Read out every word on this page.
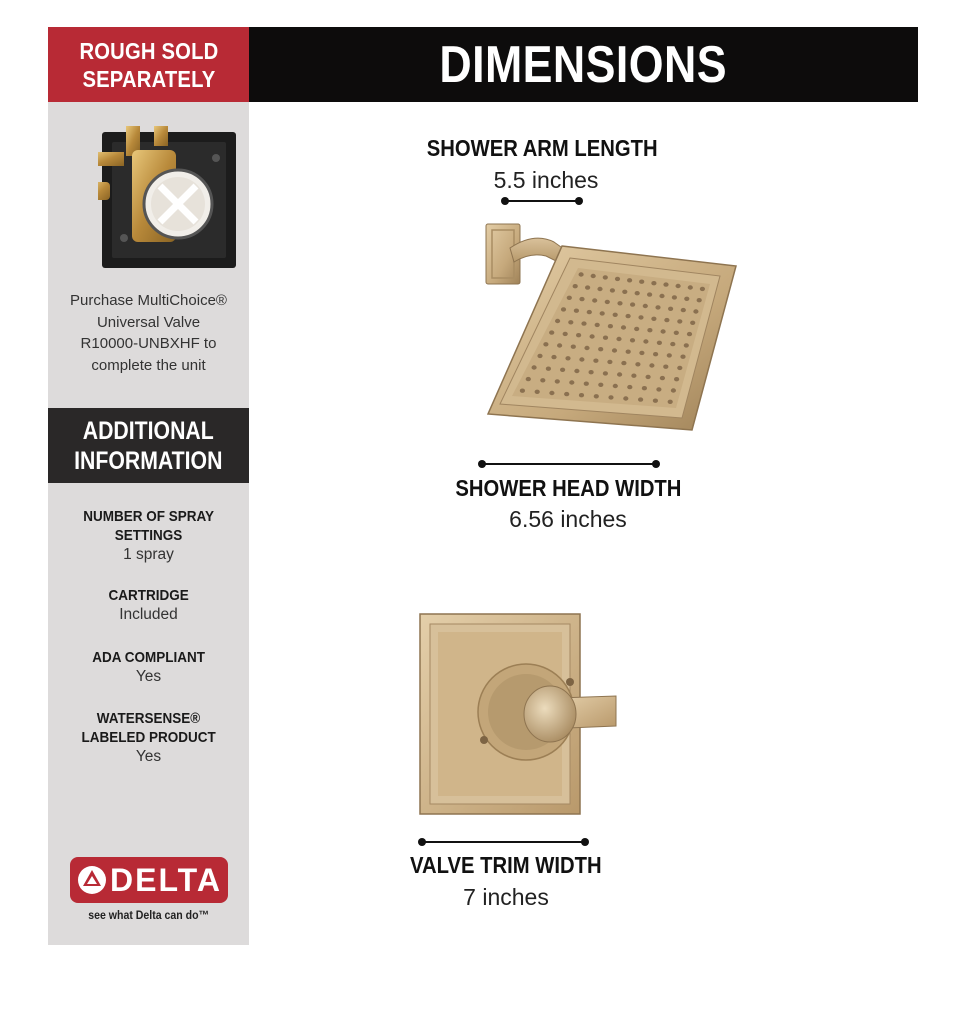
ROUGH SOLD
SEPARATELY	DIMENSIONS
Purchase MultiChoice®
Universal Valve
R10000-UNBXHF to
complete the unit
ADDITIONAL
INFORMATION
NUMBER OF SPRAY
SETTINGS
1 spray
CARTRIDGE
Included
ADA COMPLIANT
Yes
WATERSENSE®
LABELED PRODUCT
Yes
DELTA
see what Delta can do™
SHOWER ARM LENGTH
5.5 inches
SHOWER HEAD WIDTH
6.56 inches
VALVE TRIM WIDTH
7 inches
